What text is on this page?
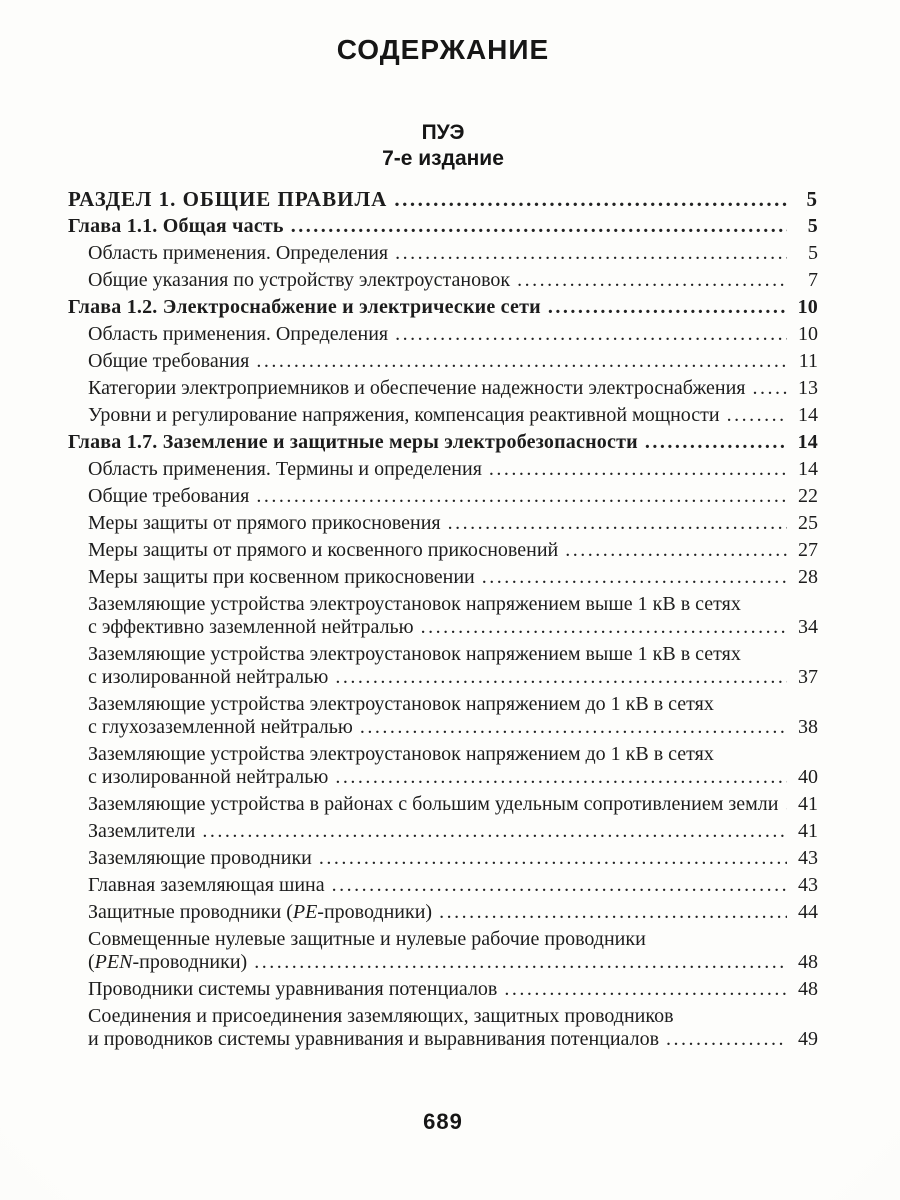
СОДЕРЖАНИЕ
ПУЭ
7-е издание
РАЗДЕЛ 1. ОБЩИЕ ПРАВИЛА .....	5
Глава 1.1. Общая часть .....	5
Область применения. Определения .....	5
Общие указания по устройству электроустановок .....	7
Глава 1.2. Электроснабжение и электрические сети .....	10
Область применения. Определения .....	10
Общие требования .....	11
Категории электроприемников и обеспечение надежности электроснабжения .....	13
Уровни и регулирование напряжения, компенсация реактивной мощности .....	14
Глава 1.7. Заземление и защитные меры электробезопасности .....	14
Область применения. Термины и определения .....	14
Общие требования .....	22
Меры защиты от прямого прикосновения .....	25
Меры защиты от прямого и косвенного прикосновений .....	27
Меры защиты при косвенном прикосновении .....	28
Заземляющие устройства электроустановок напряжением выше 1 кВ в сетях
с эффективно заземленной нейтралью .....	34
Заземляющие устройства электроустановок напряжением выше 1 кВ в сетях
с изолированной нейтралью .....	37
Заземляющие устройства электроустановок напряжением до 1 кВ в сетях
с глухозаземленной нейтралью .....	38
Заземляющие устройства электроустановок напряжением до 1 кВ в сетях
с изолированной нейтралью .....	40
Заземляющие устройства в районах с большим удельным сопротивлением земли ..... 41
Заземлители .....	41
Заземляющие проводники .....	43
Главная заземляющая шина .....	43
Защитные проводники (PE-проводники) .....	44
Совмещенные нулевые защитные и нулевые рабочие проводники
(PEN-проводники) .....	48
Проводники системы уравнивания потенциалов .....	48
Соединения и присоединения заземляющих, защитных проводников
и проводников системы уравнивания и выравнивания потенциалов .....	49
689
